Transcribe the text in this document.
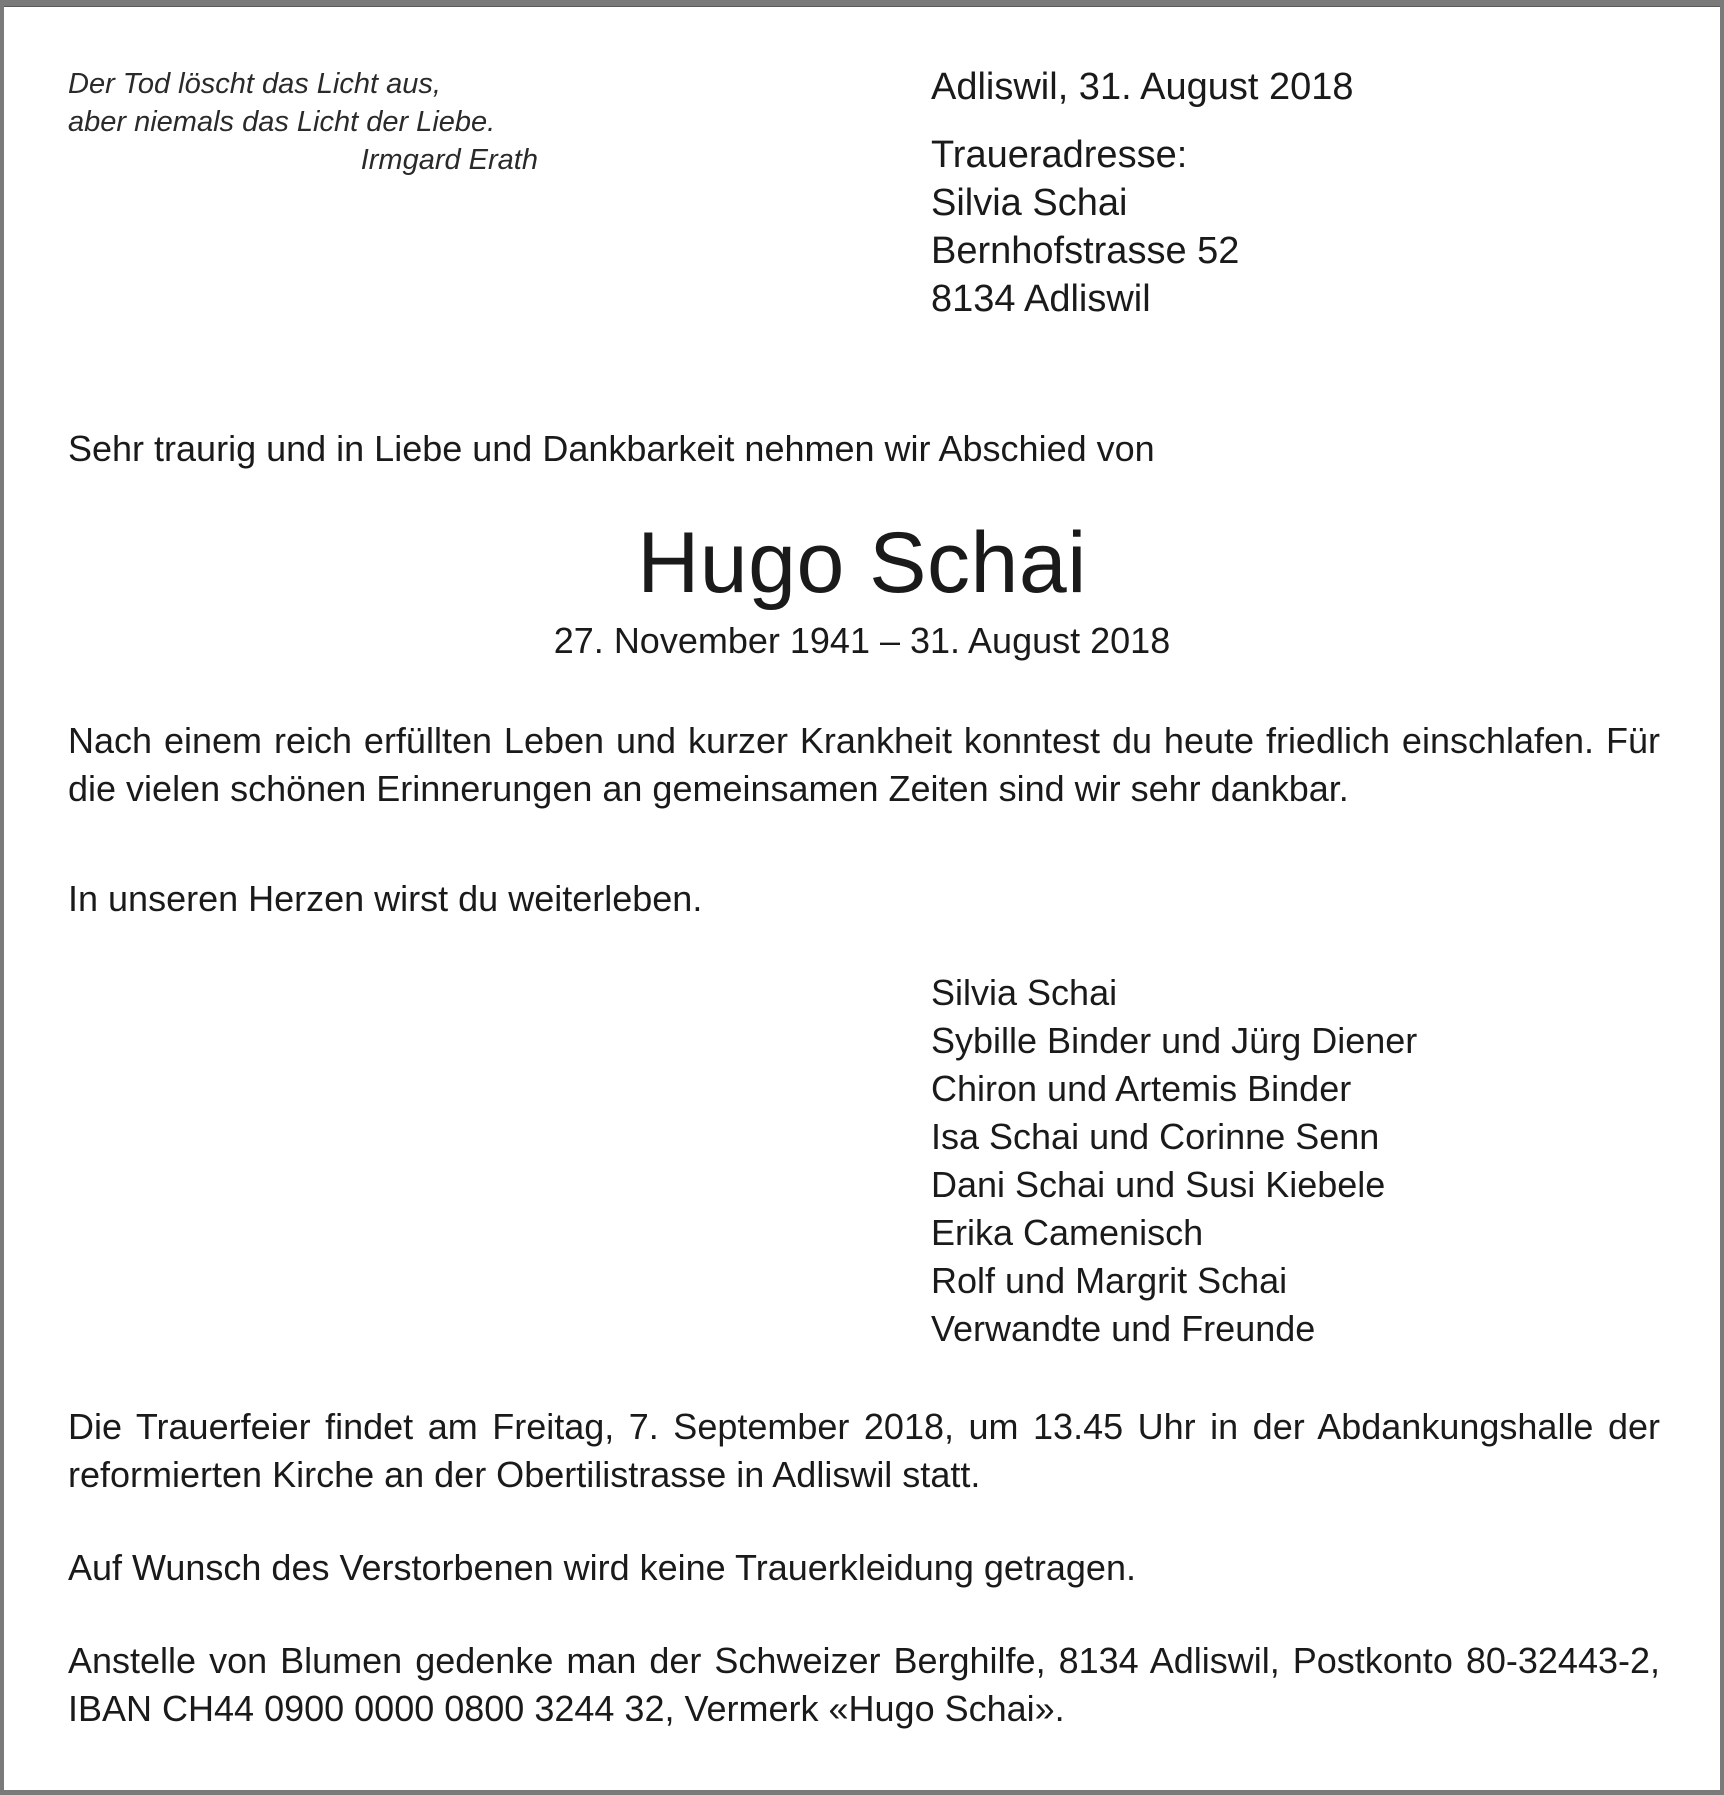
Der Tod löscht das Licht aus,
aber niemals das Licht der Liebe.
Irmgard Erath
Adliswil, 31. August 2018
Traueradresse:
Silvia Schai
Bernhofstrasse 52
8134 Adliswil
Sehr traurig und in Liebe und Dankbarkeit nehmen wir Abschied von
Hugo Schai
27. November 1941 – 31. August 2018
Nach einem reich erfüllten Leben und kurzer Krankheit konntest du heute friedlich einschlafen. Für die vielen schönen Erinnerungen an gemeinsamen Zeiten sind wir sehr dankbar.
In unseren Herzen wirst du weiterleben.
Silvia Schai
Sybille Binder und Jürg Diener
Chiron und Artemis Binder
Isa Schai und Corinne Senn
Dani Schai und Susi Kiebele
Erika Camenisch
Rolf und Margrit Schai
Verwandte und Freunde
Die Trauerfeier findet am Freitag, 7. September 2018, um 13.45 Uhr in der Abdankungshalle der reformierten Kirche an der Obertilistrasse in Adliswil statt.
Auf Wunsch des Verstorbenen wird keine Trauerkleidung getragen.
Anstelle von Blumen gedenke man der Schweizer Berghilfe, 8134 Adliswil, Postkonto 80-32443-2, IBAN CH44 0900 0000 0800 3244 32, Vermerk «Hugo Schai».
